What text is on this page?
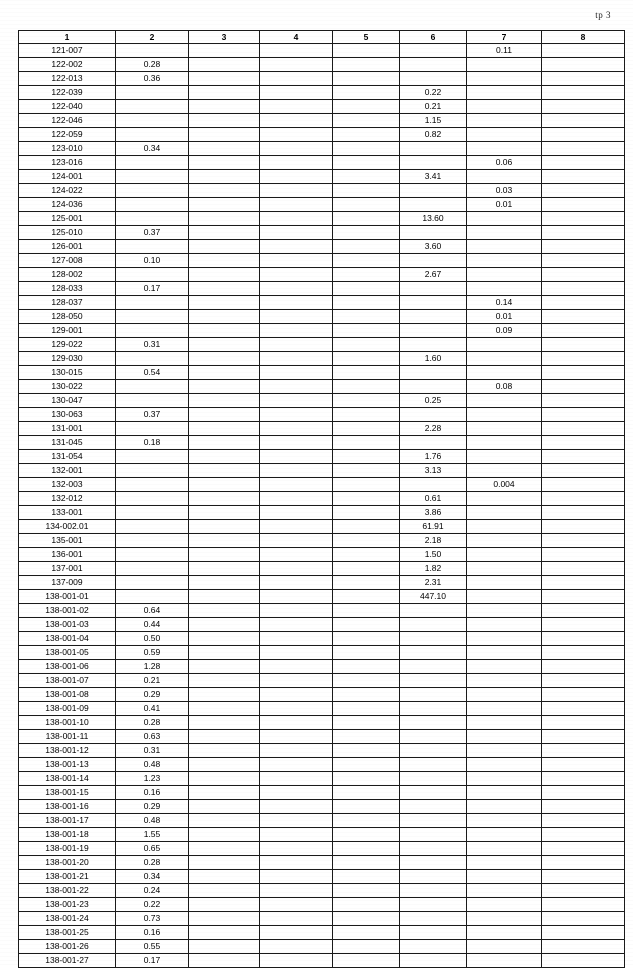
tp 3
1	2	3	4	5	6	7	8
121-007						0.11	
122-002	0.28						
122-013	0.36						
122-039					0.22		
122-040					0.21		
122-046					1.15		
122-059					0.82		
123-010	0.34						
123-016						0.06	
124-001					3.41		
124-022						0.03	
124-036						0.01	
125-001					13.60		
125-010	0.37						
126-001					3.60		
127-008	0.10						
128-002					2.67		
128-033	0.17						
128-037						0.14	
128-050						0.01	
129-001						0.09	
129-022	0.31						
129-030					1.60		
130-015	0.54						
130-022						0.08	
130-047					0.25		
130-063	0.37						
131-001					2.28		
131-045	0.18						
131-054					1.76		
132-001					3.13		
132-003						0.004	
132-012					0.61		
133-001					3.86		
134-002.01					61.91		
135-001					2.18		
136-001					1.50		
137-001					1.82		
137-009					2.31		
138-001-01					447.10		
138-001-02	0.64						
138-001-03	0.44						
138-001-04	0.50						
138-001-05	0.59						
138-001-06	1.28						
138-001-07	0.21						
138-001-08	0.29						
138-001-09	0.41						
138-001-10	0.28						
138-001-11	0.63						
138-001-12	0.31						
138-001-13	0.48						
138-001-14	1.23						
138-001-15	0.16						
138-001-16	0.29						
138-001-17	0.48						
138-001-18	1.55						
138-001-19	0.65						
138-001-20	0.28						
138-001-21	0.34						
138-001-22	0.24						
138-001-23	0.22						
138-001-24	0.73						
138-001-25	0.16						
138-001-26	0.55						
138-001-27	0.17						
